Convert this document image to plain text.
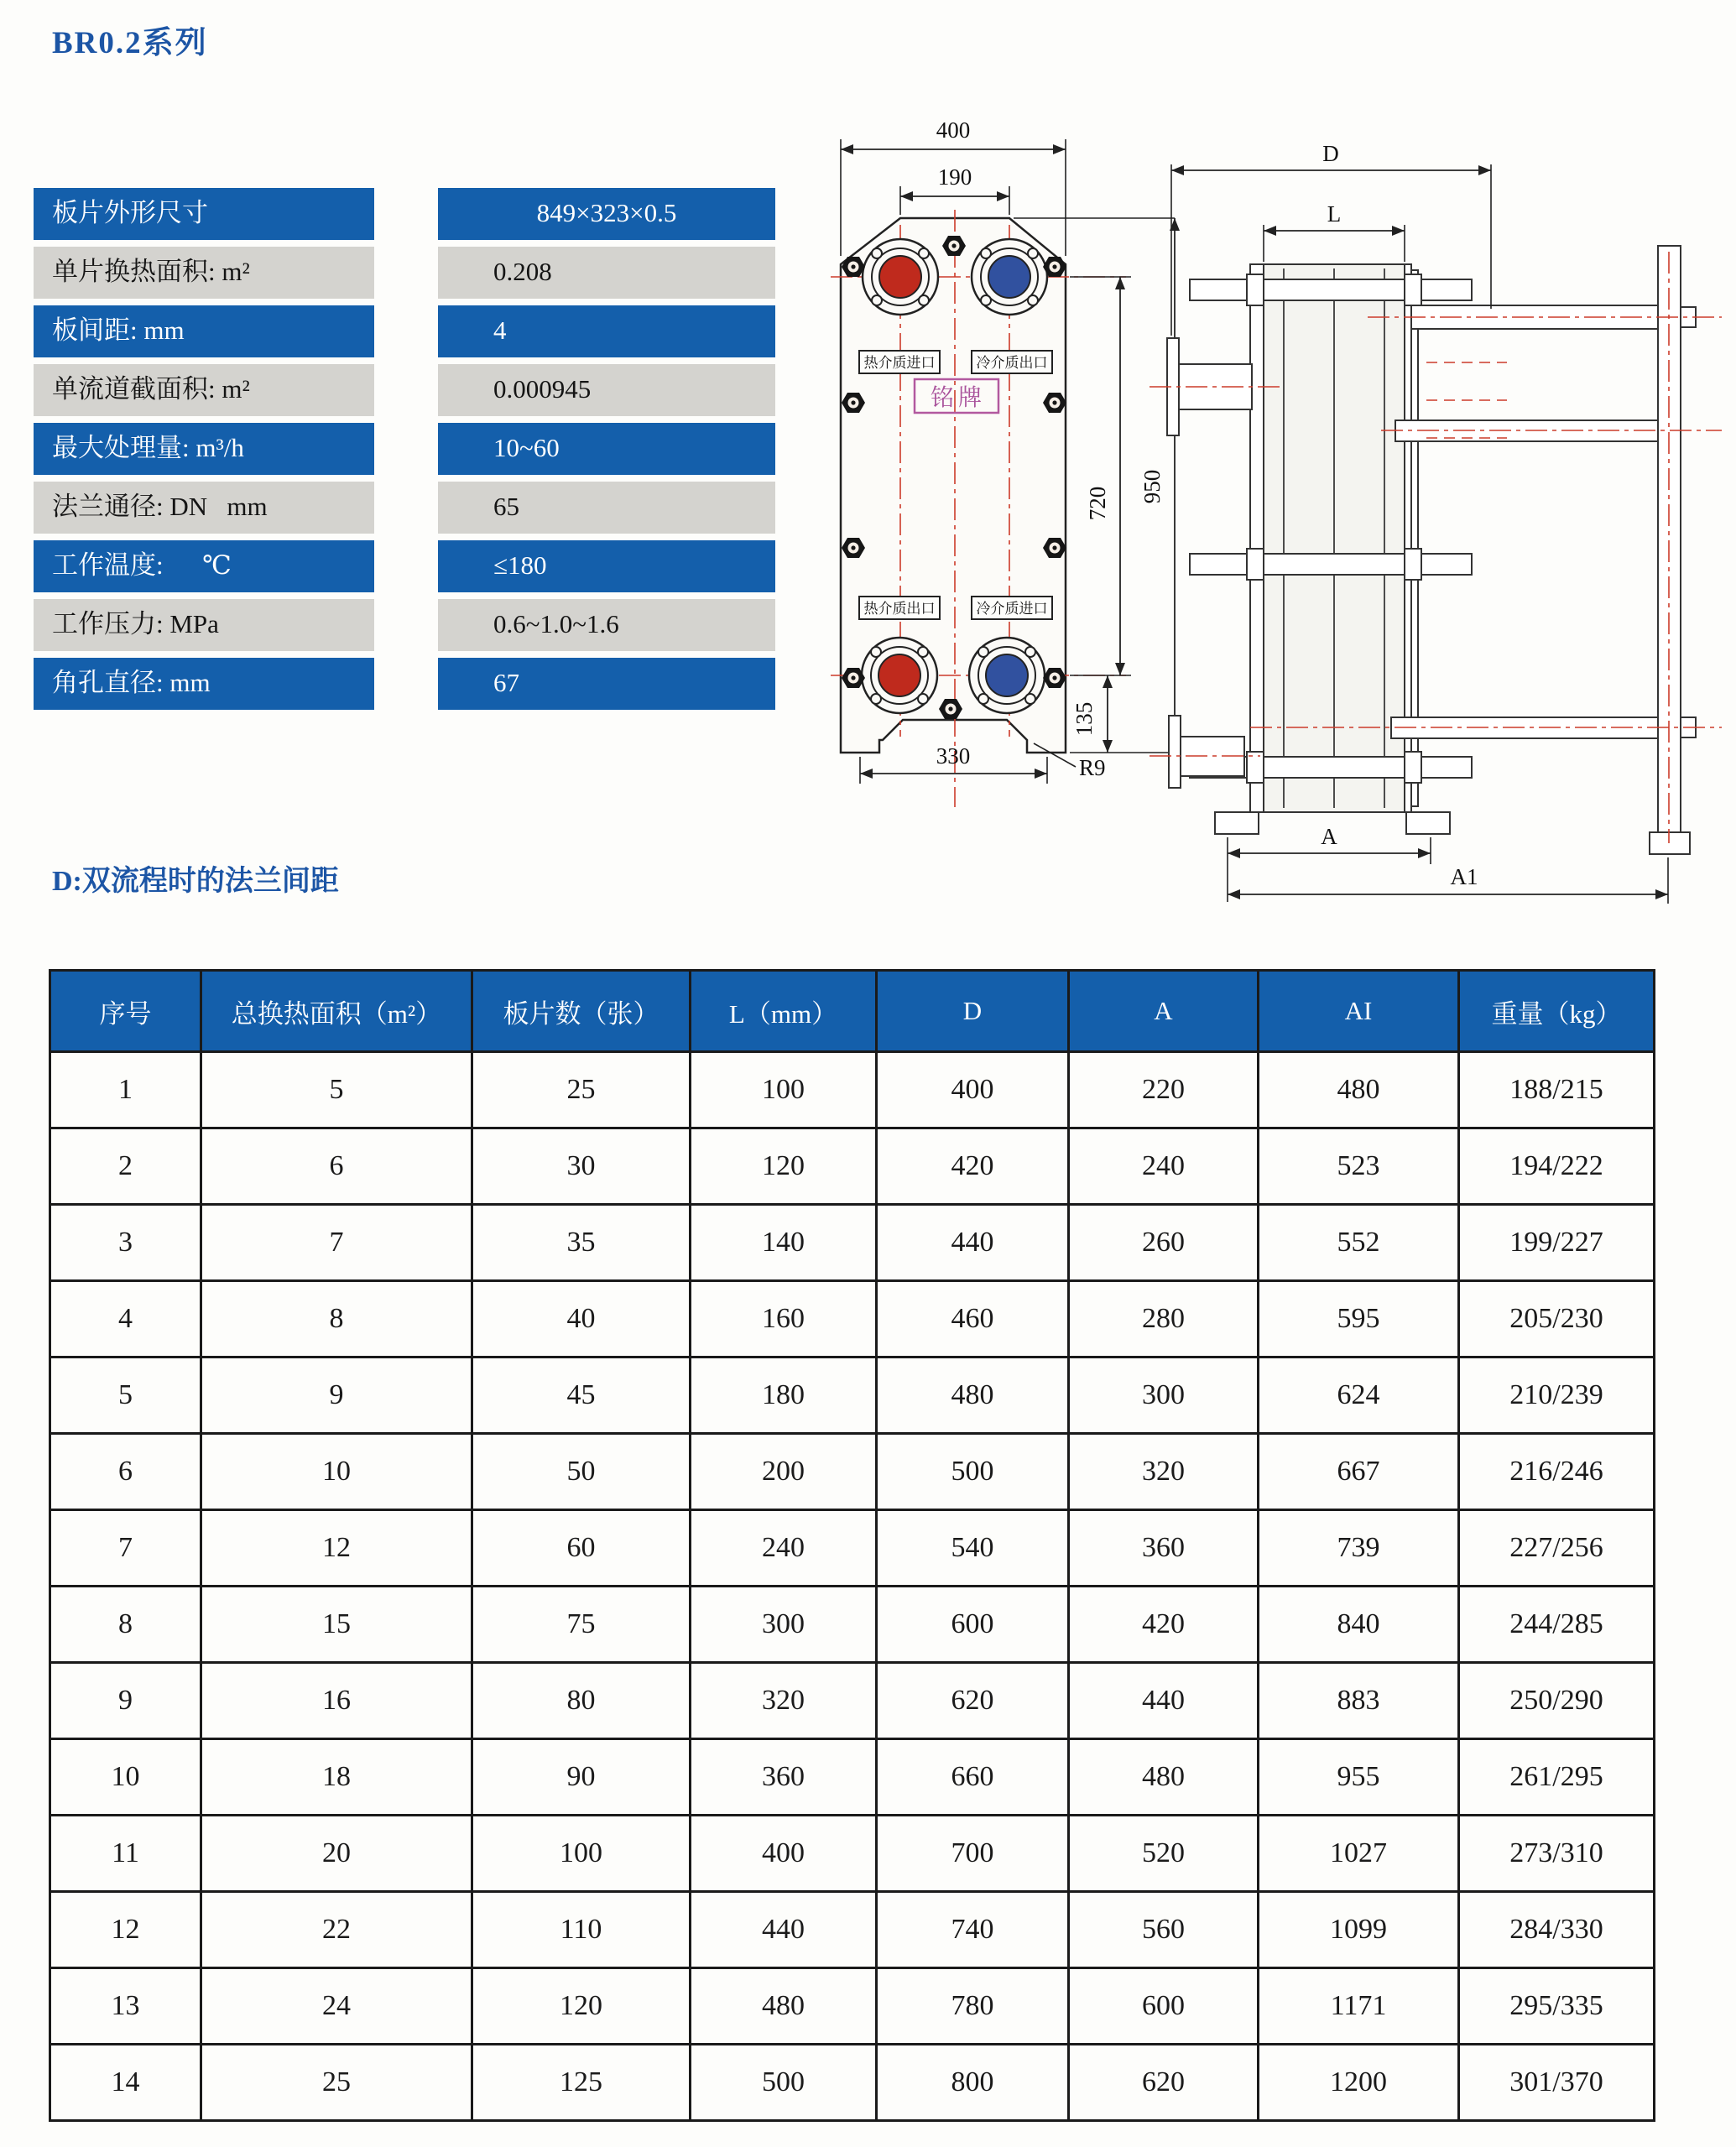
BR0.2系列
板片外形尺寸	849×323×0.5
单片换热面积: m²	0.208
板间距: mm	4
单流道截面积: m²	0.000945
最大处理量: m³/h	10~60
法兰通径: DN   mm	65
工作温度:      ℃	≤180
工作压力: MPa	0.6~1.0~1.6
角孔直径: mm	67
D:双流程时的法兰间距
热介质进口	冷介质出口
热介质出口	冷介质进口
铭牌
400
190
950
720
135
330	R9
D
L
A
A1
序号	总换热面积（m²）	板片数（张）	L（mm）	D	A	AI	重量（kg）
1	5	25	100	400	220	480	188/215
2	6	30	120	420	240	523	194/222
3	7	35	140	440	260	552	199/227
4	8	40	160	460	280	595	205/230
5	9	45	180	480	300	624	210/239
6	10	50	200	500	320	667	216/246
7	12	60	240	540	360	739	227/256
8	15	75	300	600	420	840	244/285
9	16	80	320	620	440	883	250/290
10	18	90	360	660	480	955	261/295
11	20	100	400	700	520	1027	273/310
12	22	110	440	740	560	1099	284/330
13	24	120	480	780	600	1171	295/335
14	25	125	500	800	620	1200	301/370
